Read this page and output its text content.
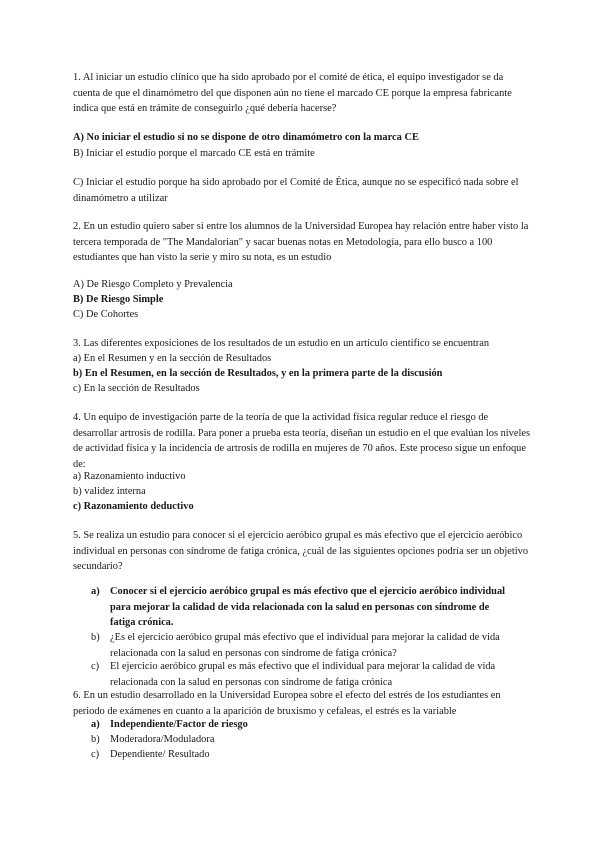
1. Al iniciar un estudio clínico que ha sido aprobado por el comité de ética, el equipo investigador se da cuenta de que el dinamómetro del que disponen aún no tiene el marcado CE porque la empresa fabricante indica que está en trámite de conseguirlo ¿qué debería hacerse?

A) No iniciar el estudio si no se dispone de otro dinamómetro con la marca CE
B) Iniciar el estudio porque el marcado CE está en trámite
C) Iniciar el estudio porque ha sido aprobado por el Comité de Ética, aunque no se especificó nada sobre el dinamómetro a utilizar

2. En un estudio quiero saber si entre los alumnos de la Universidad Europea hay relación entre haber visto la tercera temporada de "The Mandalorian" y sacar buenas notas en Metodología, para ello busco a 100 estudiantes que han visto la serie y miro su nota, es un estudio

A) De Riesgo Completo y Prevalencia
B) De Riesgo Simple
C) De Cohortes

3. Las diferentes exposiciones de los resultados de un estudio en un artículo científico se encuentran

a) En el Resumen y en la sección de Resultados
b) En el Resumen, en la sección de Resultados, y en la primera parte de la discusión
c) En la sección de Resultados

4. Un equipo de investigación parte de la teoría de que la actividad física regular reduce el riesgo de desarrollar artrosis de rodilla. Para poner a prueba esta teoría, diseñan un estudio en el que evalúan los niveles de actividad física y la incidencia de artrosis de rodilla en mujeres de 70 años. Este proceso sigue un enfoque de:

a) Razonamiento inductivo
b) validez interna
c) Razonamiento deductivo

5. Se realiza un estudio para conocer si el ejercicio aeróbico grupal es más efectivo que el ejercicio aeróbico individual en personas con síndrome de fatiga crónica, ¿cuál de las siguientes opciones podría ser un objetivo secundario?

a) Conocer si el ejercicio aeróbico grupal es más efectivo que el ejercicio aeróbico individual para mejorar la calidad de vida relacionada con la salud en personas con síndrome de fatiga crónica.
b) ¿Es el ejercicio aeróbico grupal más efectivo que el individual para mejorar la calidad de vida relacionada con la salud en personas con síndrome de fatiga crónica?
c) El ejercicio aeróbico grupal es más efectivo que el individual para mejorar la calidad de vida relacionada con la salud en personas con síndrome de fatiga crónica

6. En un estudio desarrollado en la Universidad Europea sobre el efecto del estrés de los estudiantes en periodo de exámenes en cuanto a la aparición de bruxismo y cefaleas, el estrés es la variable

a) Independiente/Factor de riesgo
b) Moderadora/Moduladora
c) Dependiente/ Resultado
